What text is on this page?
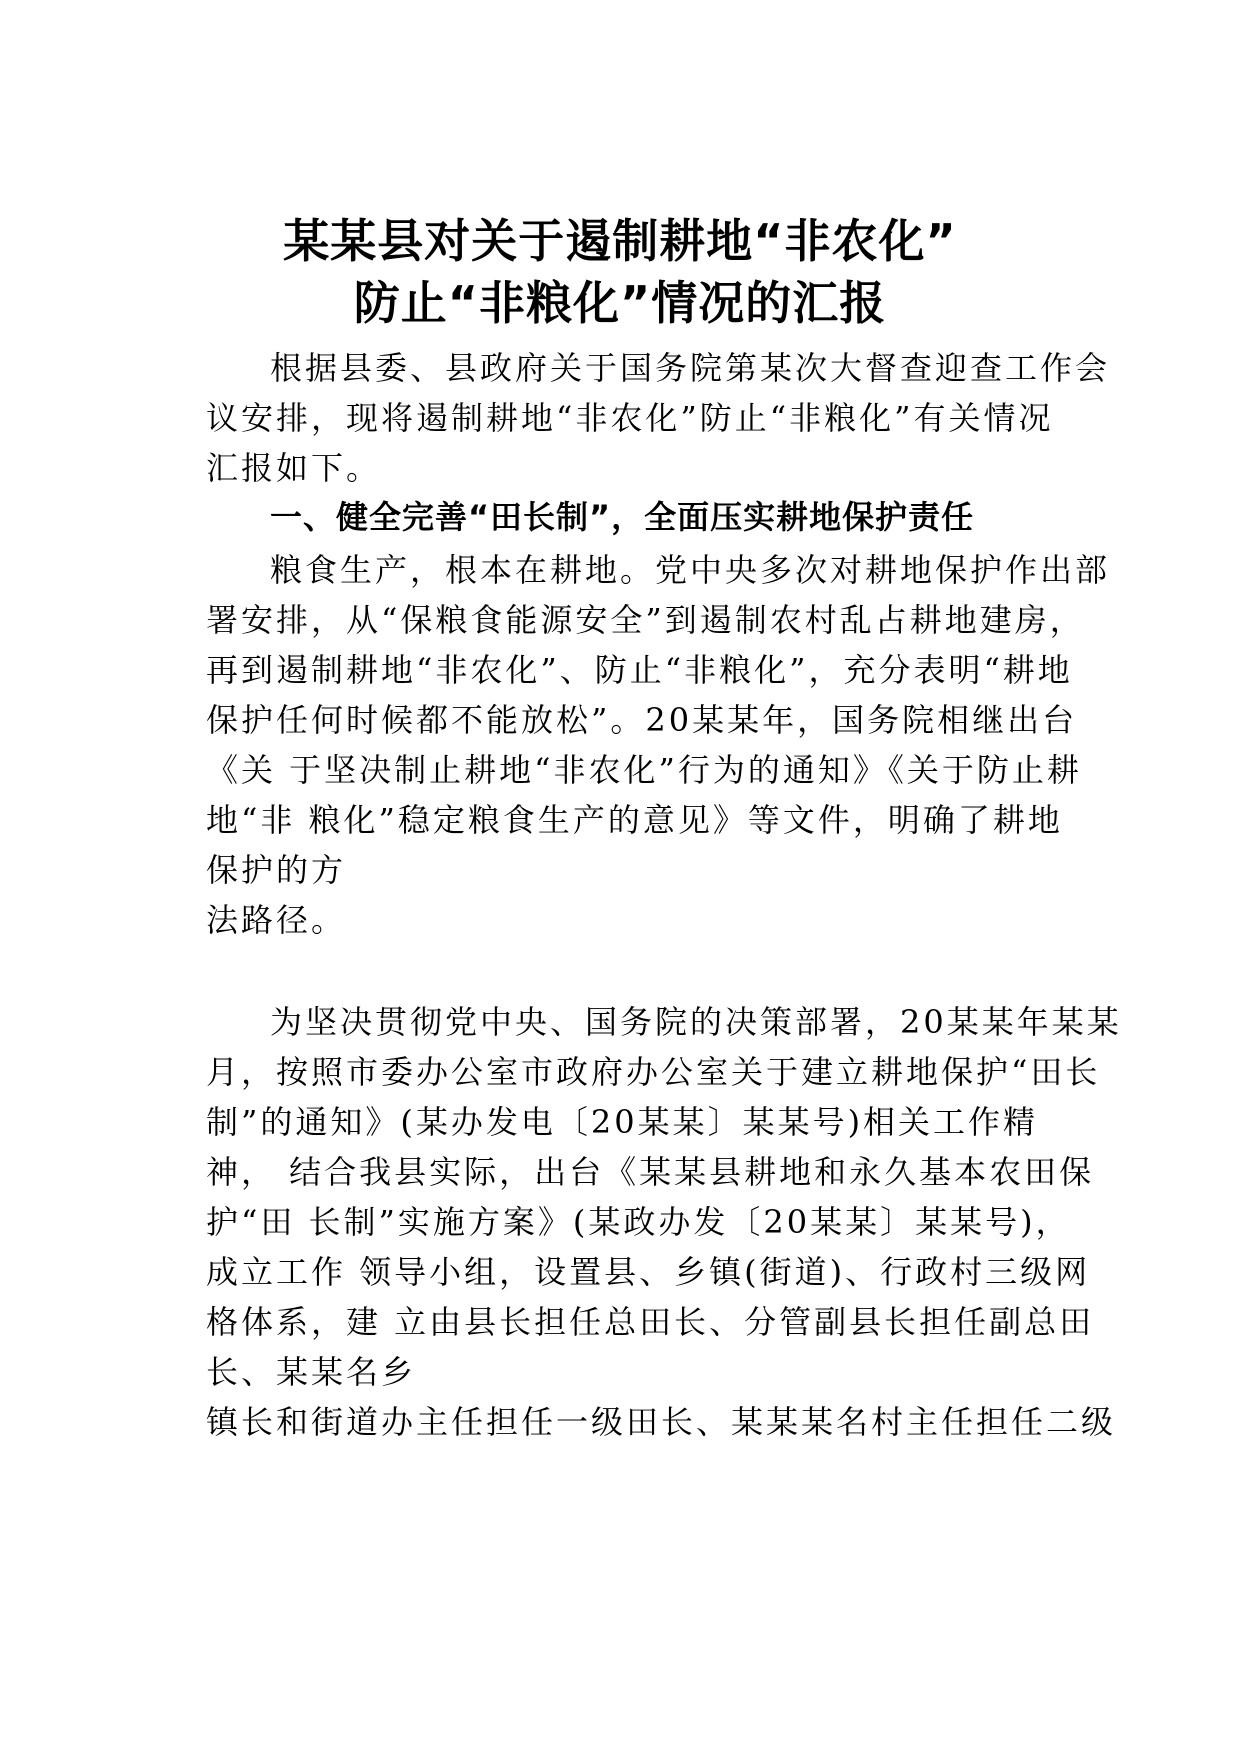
某某县对关于遏制耕地“非农化”
防止“非粮化”情况的汇报
根据县委、县政府关于国务院第某次大督查迎查工作会
议安排，现将遏制耕地“非农化”防止“非粮化”有关情况
汇报如下。
一、健全完善“田长制”，全面压实耕地保护责任
粮食生产，根本在耕地。党中央多次对耕地保护作出部
署安排，从“保粮食能源安全”到遏制农村乱占耕地建房，
再到遏制耕地“非农化”、防止“非粮化”，充分表明“耕地
保护任何时候都不能放松”。20某某年，国务院相继出台
《关 于坚决制止耕地“非农化”行为的通知》《关于防止耕
地“非 粮化”稳定粮食生产的意见》等文件，明确了耕地
保护的方
法路径。
为坚决贯彻党中央、国务院的决策部署，20某某年某某
月，按照市委办公室市政府办公室关于建立耕地保护“田长
制”的通知》(某办发电〔20某某〕某某号)相关工作精
神， 结合我县实际，出台《某某县耕地和永久基本农田保
护“田 长制”实施方案》(某政办发〔20某某〕某某号)，
成立工作 领导小组，设置县、乡镇(街道)、行政村三级网
格体系，建 立由县长担任总田长、分管副县长担任副总田
长、某某名乡
镇长和街道办主任担任一级田长、某某某名村主任担任二级
